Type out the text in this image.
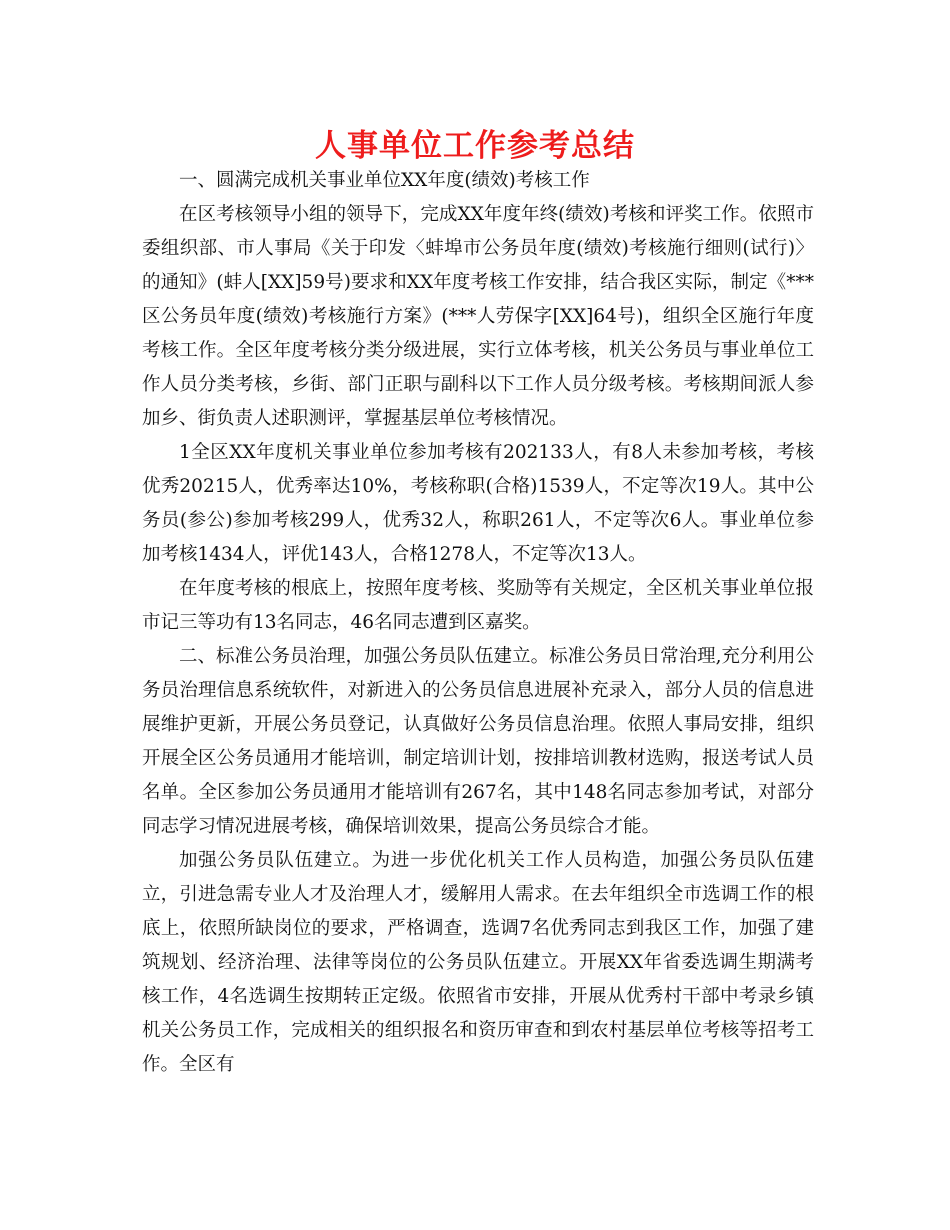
人事单位工作参考总结

一、圆满完成机关事业单位XX年度(绩效)考核工作

在区考核领导小组的领导下，完成XX年度年终(绩效)考核和评奖工作。依照市委组织部、市人事局《关于印发〈蚌埠市公务员年度(绩效)考核施行细则(试行)〉的通知》(蚌人[XX]59号)要求和XX年度考核工作安排，结合我区实际，制定《***区公务员年度(绩效)考核施行方案》(***人劳保字[XX]64号)，组织全区施行年度考核工作。全区年度考核分类分级进展，实行立体考核，机关公务员与事业单位工作人员分类考核，乡街、部门正职与副科以下工作人员分级考核。考核期间派人参加乡、街负责人述职测评，掌握基层单位考核情况。

1全区XX年度机关事业单位参加考核有202133人，有8人未参加考核，考核优秀20215人，优秀率达10%，考核称职(合格)1539人，不定等次19人。其中公务员(参公)参加考核299人，优秀32人，称职261人，不定等次6人。事业单位参加考核1434人，评优143人，合格1278人，不定等次13人。

在年度考核的根底上，按照年度考核、奖励等有关规定，全区机关事业单位报市记三等功有13名同志，46名同志遭到区嘉奖。

二、标准公务员治理，加强公务员队伍建立。标准公务员日常治理,充分利用公务员治理信息系统软件，对新进入的公务员信息进展补充录入，部分人员的信息进展维护更新，开展公务员登记，认真做好公务员信息治理。依照人事局安排，组织开展全区公务员通用才能培训，制定培训计划，按排培训教材选购，报送考试人员名单。全区参加公务员通用才能培训有267名，其中148名同志参加考试，对部分同志学习情况进展考核，确保培训效果，提高公务员综合才能。

加强公务员队伍建立。为进一步优化机关工作人员构造，加强公务员队伍建立，引进急需专业人才及治理人才，缓解用人需求。在去年组织全市选调工作的根底上，依照所缺岗位的要求，严格调查，选调7名优秀同志到我区工作，加强了建筑规划、经济治理、法律等岗位的公务员队伍建立。开展XX年省委选调生期满考核工作，4名选调生按期转正定级。依照省市安排，开展从优秀村干部中考录乡镇机关公务员工作，完成相关的组织报名和资历审查和到农村基层单位考核等招考工作。全区有
